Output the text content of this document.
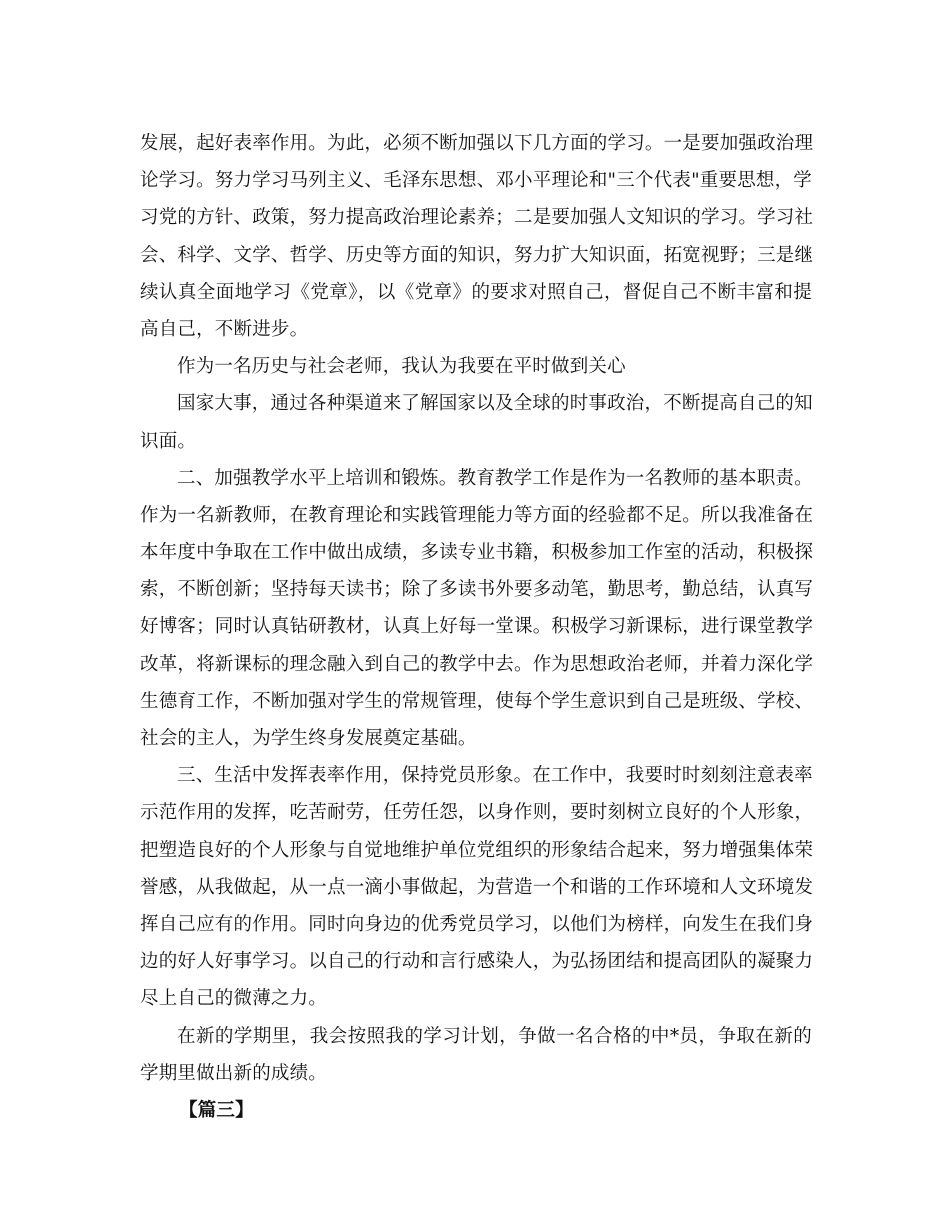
发展，起好表率作用。为此，必须不断加强以下几方面的学习。一是要加强政治理
论学习。努力学习马列主义、毛泽东思想、邓小平理论和"三个代表"重要思想，学
习党的方针、政策，努力提高政治理论素养；二是要加强人文知识的学习。学习社
会、科学、文学、哲学、历史等方面的知识，努力扩大知识面，拓宽视野；三是继
续认真全面地学习《党章》，以《党章》的要求对照自己，督促自己不断丰富和提
高自己，不断进步。
作为一名历史与社会老师，我认为我要在平时做到关心
国家大事，通过各种渠道来了解国家以及全球的时事政治，不断提高自己的知
识面。
二、加强教学水平上培训和锻炼。教育教学工作是作为一名教师的基本职责。
作为一名新教师，在教育理论和实践管理能力等方面的经验都不足。所以我准备在
本年度中争取在工作中做出成绩，多读专业书籍，积极参加工作室的活动，积极探
索，不断创新；坚持每天读书；除了多读书外要多动笔，勤思考，勤总结，认真写
好博客；同时认真钻研教材，认真上好每一堂课。积极学习新课标，进行课堂教学
改革，将新课标的理念融入到自己的教学中去。作为思想政治老师，并着力深化学
生德育工作，不断加强对学生的常规管理，使每个学生意识到自己是班级、学校、
社会的主人，为学生终身发展奠定基础。
三、生活中发挥表率作用，保持党员形象。在工作中，我要时时刻刻注意表率
示范作用的发挥，吃苦耐劳，任劳任怨，以身作则，要时刻树立良好的个人形象，
把塑造良好的个人形象与自觉地维护单位党组织的形象结合起来，努力增强集体荣
誉感，从我做起，从一点一滴小事做起，为营造一个和谐的工作环境和人文环境发
挥自己应有的作用。同时向身边的优秀党员学习，以他们为榜样，向发生在我们身
边的好人好事学习。以自己的行动和言行感染人，为弘扬团结和提高团队的凝聚力
尽上自己的微薄之力。
在新的学期里，我会按照我的学习计划，争做一名合格的中*员，争取在新的
学期里做出新的成绩。
【篇三】
